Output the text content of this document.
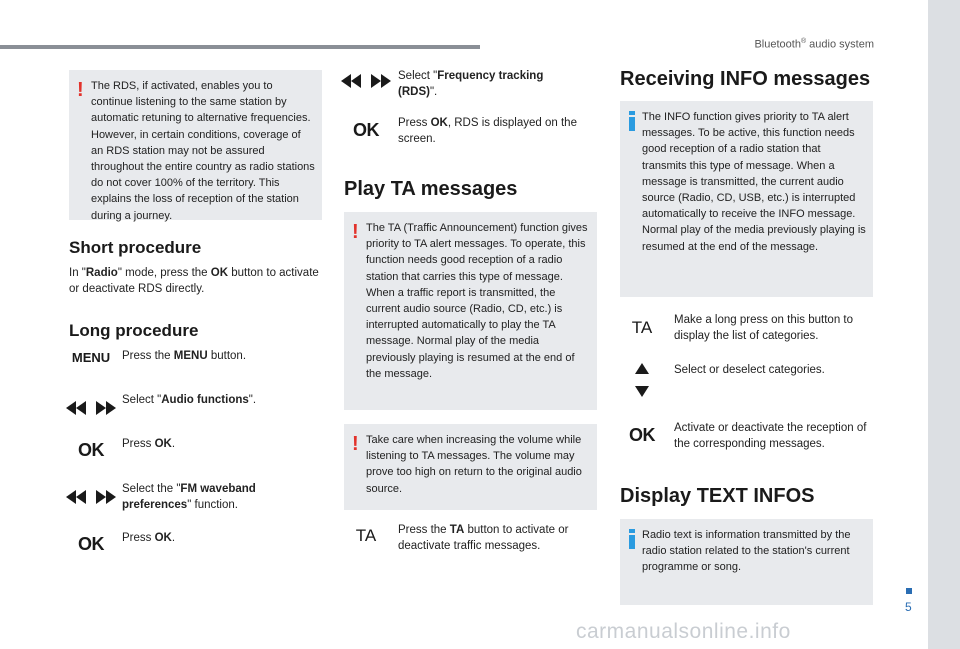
Bluetooth® audio system
! The RDS, if activated, enables you to continue listening to the same station by automatic retuning to alternative frequencies. However, in certain conditions, coverage of an RDS station may not be assured throughout the entire country as radio stations do not cover 100% of the territory. This explains the loss of reception of the station during a journey.
Short procedure
In "Radio" mode, press the OK button to activate or deactivate RDS directly.
Long procedure
MENU Press the MENU button.
Select "Audio functions".
OK Press OK.
Select the "FM waveband preferences" function.
OK Press OK.
Select "Frequency tracking (RDS)".
OK Press OK, RDS is displayed on the screen.
Play TA messages
! The TA (Traffic Announcement) function gives priority to TA alert messages. To operate, this function needs good reception of a radio station that carries this type of message. When a traffic report is transmitted, the current audio source (Radio, CD, etc.) is interrupted automatically to play the TA message. Normal play of the media previously playing is resumed at the end of the message.
! Take care when increasing the volume while listening to TA messages. The volume may prove too high on return to the original audio source.
TA Press the TA button to activate or deactivate traffic messages.
Receiving INFO messages
The INFO function gives priority to TA alert messages. To be active, this function needs good reception of a radio station that transmits this type of message. When a message is transmitted, the current audio source (Radio, CD, USB, etc.) is interrupted automatically to receive the INFO message. Normal play of the media previously playing is resumed at the end of the message.
TA Make a long press on this button to display the list of categories.
Select or deselect categories.
OK Activate or deactivate the reception of the corresponding messages.
Display TEXT INFOS
Radio text is information transmitted by the radio station related to the station's current programme or song.
5
carmanualsonline.info
